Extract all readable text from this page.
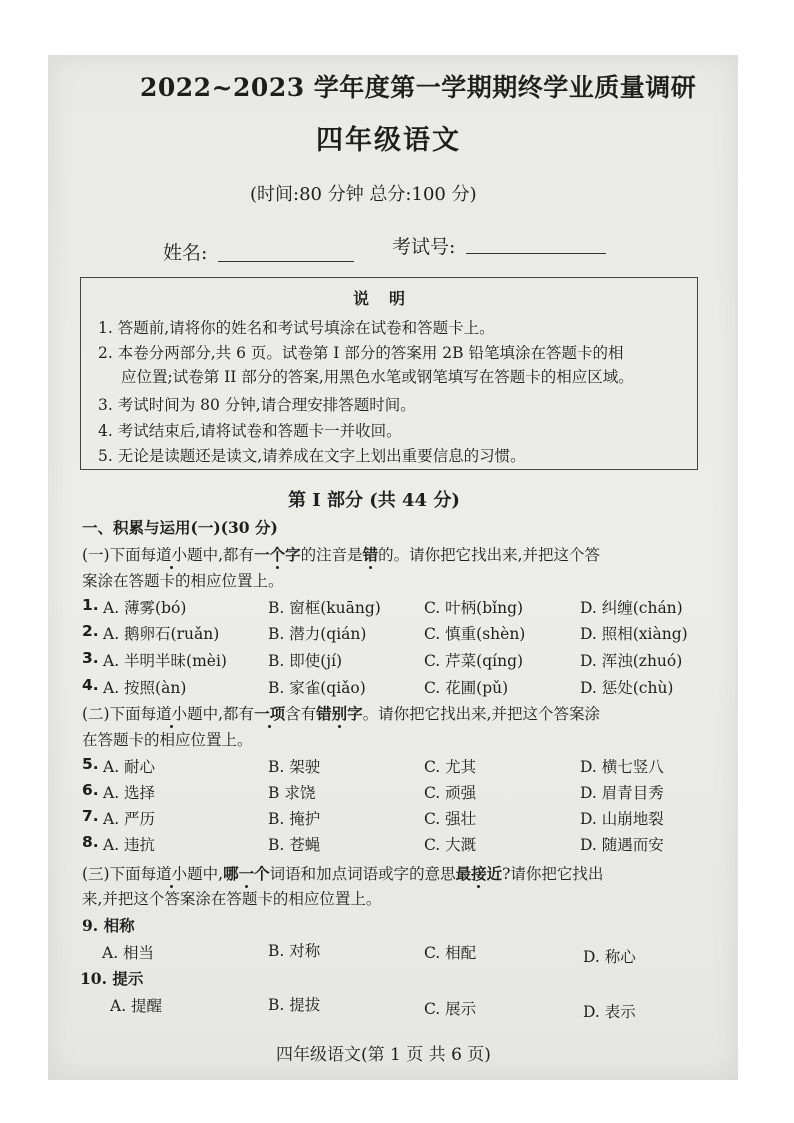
2022~2023 学年度第一学期期终学业质量调研
四年级语文
(时间:80 分钟 总分:100 分)
姓名:	考试号:
说明
1. 答题前,请将你的姓名和考试号填涂在试卷和答题卡上。
2. 本卷分两部分,共 6 页。试卷第 I 部分的答案用 2B 铅笔填涂在答题卡的相
应位置;试卷第 II 部分的答案,用黑色水笔或钢笔填写在答题卡的相应区域。
3. 考试时间为 80 分钟,请合理安排答题时间。
4. 考试结束后,请将试卷和答题卡一并收回。
5. 无论是读题还是读文,请养成在文字上划出重要信息的习惯。
第 I 部分 (共 44 分)
一、积累与运用(一)(30 分)
(一)下面每道小题中,都有一个字的注音是错的。请你把它找出来,并把这个答
案涂在答题卡的相应位置上。
1. A. 薄雾(bó)	B. 窗框(kuāng)	C. 叶柄(bǐng)	D. 纠缠(chán)
2. A. 鹅卵石(ruǎn)	B. 潜力(qián)	C. 慎重(shèn)	D. 照相(xiàng)
3. A. 半明半昧(mèi)	B. 即使(jí)	C. 芹菜(qíng)	D. 浑浊(zhuó)
4. A. 按照(àn)	B. 家雀(qiǎo)	C. 花圃(pǔ)	D. 惩处(chù)
(二)下面每道小题中,都有一项含有错别字。请你把它找出来,并把这个答案涂
在答题卡的相应位置上。
5. A. 耐心	B. 架驶	C. 尤其	D. 横七竖八
6. A. 选择	B 求饶	C. 顽强	D. 眉青目秀
7. A. 严历	B. 掩护	C. 强壮	D. 山崩地裂
8. A. 违抗	B. 苍蝇	C. 大溉	D. 随遇而安
(三)下面每道小题中,哪一个词语和加点词语或字的意思最接近?请你把它找出
来,并把这个答案涂在答题卡的相应位置上。
9. 相称
A. 相当	B. 对称	C. 相配	D. 称心
10. 提示
A. 提醒	B. 提拔	C. 展示	D. 表示
四年级语文(第 1 页 共 6 页)
